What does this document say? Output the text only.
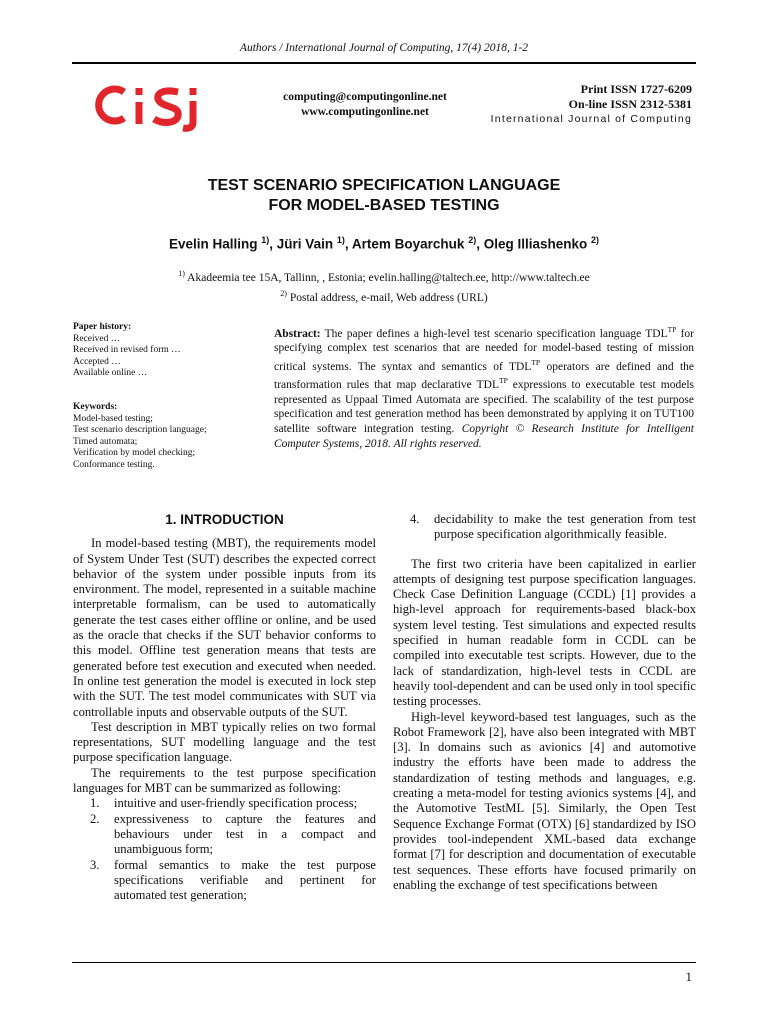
Authors / International Journal of Computing, 17(4) 2018, 1-2
computing@computingonline.net
www.computingonline.net
Print ISSN 1727-6209
On-line ISSN 2312-5381
International Journal of Computing
TEST SCENARIO SPECIFICATION LANGUAGE
FOR MODEL-BASED TESTING
Evelin Halling $^{1)}$, Jüri Vain $^{1)}$, Artem Boyarchuk $^{2)}$, Oleg Illiashenko $^{2)}$
$^{1)}$ Akadeemia tee 15A, Tallinn, , Estonia; evelin.halling@taltech.ee, http://www.taltech.ee
$^{2)}$ Postal address, e-mail, Web address (URL)
Paper history:
Received …
Received in revised form …
Accepted …
Available online …
Keywords:
Model-based testing;
Test scenario description language;
Timed automata;
Verification by model checking;
Conformance testing.
Abstract: The paper defines a high-level test scenario specification language $TDL^{TP}$ for specifying complex test scenarios that are needed for model-based testing of mission critical systems. The syntax and semantics of $TDL^{TP}$ operators are defined and the transformation rules that map declarative $TDL^{TP}$ expressions to executable test models represented as Uppaal Timed Automata are specified. The scalability of the test purpose specification and test generation method has been demonstrated by applying it on TUT100 satellite software integration testing. Copyright © Research Institute for Intelligent Computer Systems, 2018. All rights reserved.
1. INTRODUCTION

In model-based testing (MBT), the requirements model of System Under Test (SUT) describes the expected correct behavior of the system under possible inputs from its environment. The model, represented in a suitable machine interpretable formalism, can be used to automatically generate the test cases either offline or online, and be used as the oracle that checks if the SUT behavior conforms to this model. Offline test generation means that tests are generated before test execution and executed when needed. In online test generation the model is executed in lock step with the SUT. The test model communicates with SUT via controllable inputs and observable outputs of the SUT.

Test description in MBT typically relies on two formal representations, SUT modelling language and the test purpose specification language.

The requirements to the test purpose specification languages for MBT can be summarized as following:

1. intuitive and user-friendly specification process;
2. expressiveness to capture the features and behaviours under test in a compact and unambiguous form;
3. formal semantics to make the test purpose specifications verifiable and pertinent for automated test generation;
4. decidability to make the test generation from test purpose specification algorithmically feasible.

The first two criteria have been capitalized in earlier attempts of designing test purpose specification languages. Check Case Definition Language (CCDL) [1] provides a high-level approach for requirements-based black-box system level testing. Test simulations and expected results specified in human readable form in CCDL can be compiled into executable test scripts. However, due to the lack of standardization, high-level tests in CCDL are heavily tool-dependent and can be used only in tool specific testing processes.

High-level keyword-based test languages, such as the Robot Framework [2], have also been integrated with MBT [3]. In domains such as avionics [4] and automotive industry the efforts have been made to address the standardization of testing methods and languages, e.g. creating a meta-model for testing avionics systems [4], and the Automotive TestML [5]. Similarly, the Open Test Sequence Exchange Format (OTX) [6] standardized by ISO provides tool-independent XML-based data exchange format [7] for description and documentation of executable test sequences. These efforts have focused primarily on enabling the exchange of test specifications between

1
